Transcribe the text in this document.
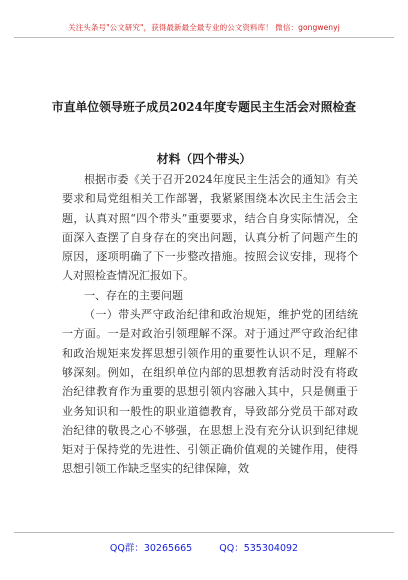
关注头条号"公文研究"，获得最新最全最专业的公文资料库！ 微信：gongwenyj
市直单位领导班子成员2024年度专题民主生活会对照检查
材料（四个带头）

根据市委《关于召开2024年度民主生活会的通知》有关要求和局党组相关工作部署，我紧紧围绕本次民主生活会主题，认真对照“四个带头”重要要求，结合自身实际情况，全面深入查摆了自身存在的突出问题，认真分析了问题产生的原因，逐项明确了下一步整改措施。按照会议安排，现将个人对照检查情况汇报如下。

一、存在的主要问题

（一）带头严守政治纪律和政治规矩，维护党的团结统一方面。一是对政治引领理解不深。对于通过严守政治纪律和政治规矩来发挥思想引领作用的重要性认识不足，理解不够深刻。例如，在组织单位内部的思想教育活动时没有将政治纪律教育作为重要的思想引领内容融入其中，只是侧重于业务知识和一般性的职业道德教育，导致部分党员干部对政治纪律的敬畏之心不够强，在思想上没有充分认识到纪律规矩对于保持党的先进性、引领正确价值观的关键作用，使得思想引领工作缺乏坚实的纪律保障，效

QQ群：30265665	QQ：535304092
